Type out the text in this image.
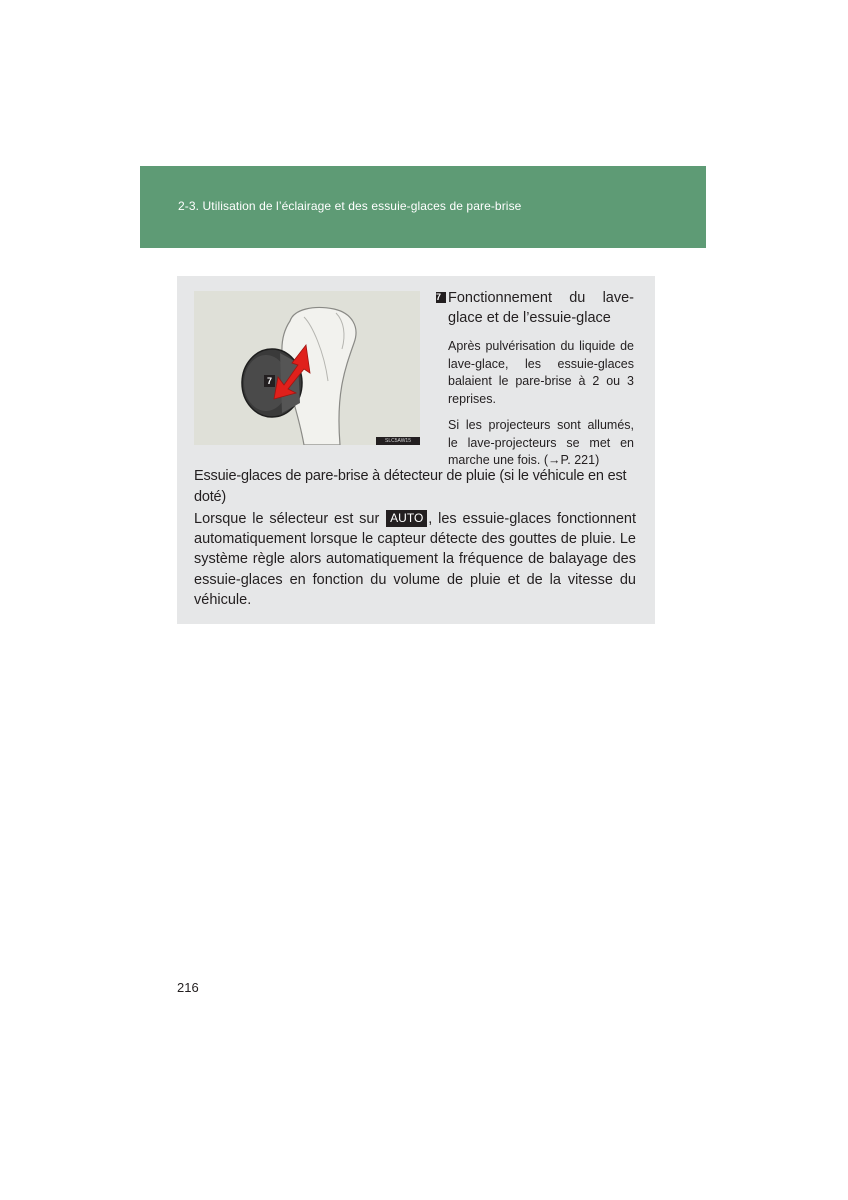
2-3. Utilisation de l’éclairage et des essuie-glaces de pare-brise
7
SLC5AW15

7 Fonctionnement du lave-glace et de l’essuie-glace

Après pulvérisation du liquide de lave-glace, les essuie-glaces balaient le pare-brise à 2 ou 3 reprises.

Si les projecteurs sont allumés, le lave-projecteurs se met en marche une fois. (→P. 221)

Essuie-glaces de pare-brise à détecteur de pluie (si le véhicule en est doté)

Lorsque le sélecteur est sur AUTO , les essuie-glaces fonctionnent automatiquement lorsque le capteur détecte des gouttes de pluie. Le système règle alors automatiquement la fréquence de balayage des essuie-glaces en fonction du volume de pluie et de la vitesse du véhicule.

216
